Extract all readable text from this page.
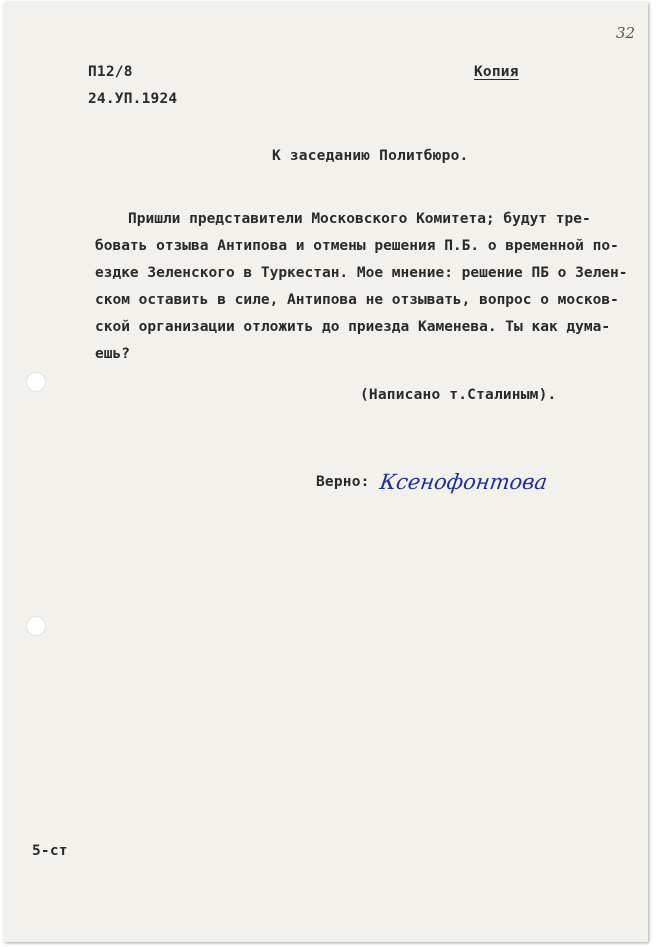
32
П12/8
24.УП.1924
Копия
К заседанию Политбюро.
Пришли представители Московского Комитета; будут тре-
бовать отзыва Антипова и отмены решения П.Б. о временной по-
ездке Зеленского в Туркестан. Мое мнение: решение ПБ о Зелен-
ском оставить в силе, Антипова не отзывать, вопрос о москов-
ской организации отложить до приезда Каменева. Ты как дума-
ешь?
(Написано т.Сталиным).
Верно: Ксенофонтова
5-ст
